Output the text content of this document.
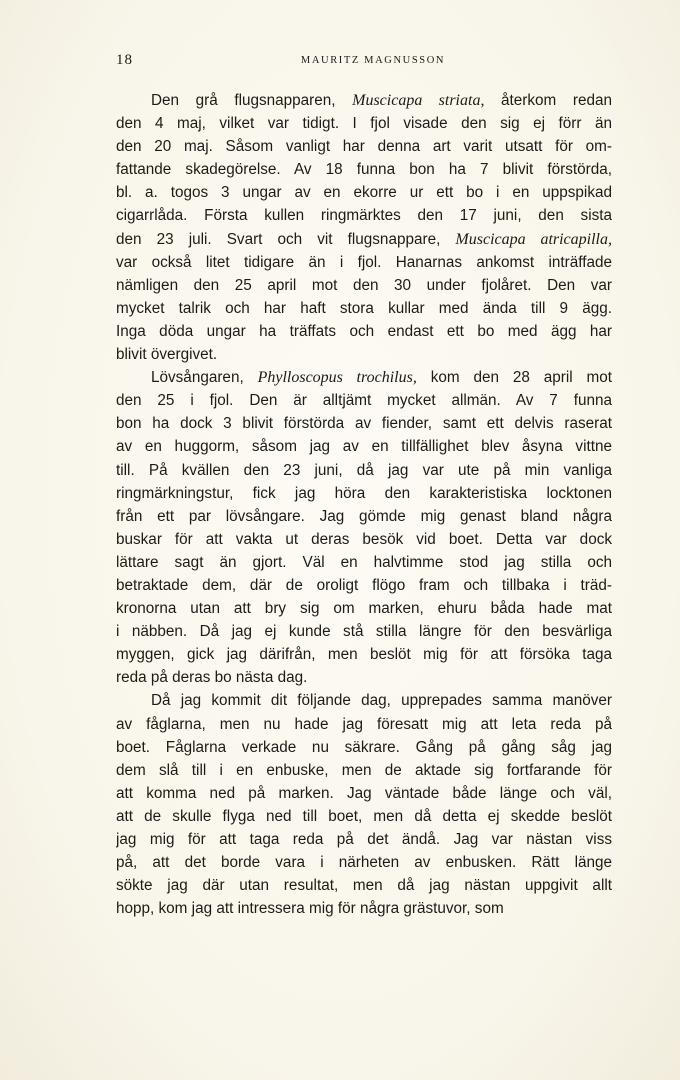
18	MAURITZ MAGNUSSON
Den grå flugsnapparen, Muscicapa striata, återkom redan
den 4 maj, vilket var tidigt. I fjol visade den sig ej förr än
den 20 maj. Såsom vanligt har denna art varit utsatt för om-
fattande skadegörelse. Av 18 funna bon ha 7 blivit förstörda,
bl. a. togos 3 ungar av en ekorre ur ett bo i en uppspikad
cigarrlåda. Första kullen ringmärktes den 17 juni, den sista
den 23 juli. Svart och vit flugsnappare, Muscicapa atricapilla,
var också litet tidigare än i fjol. Hanarnas ankomst inträffade
nämligen den 25 april mot den 30 under fjolåret. Den var
mycket talrik och har haft stora kullar med ända till 9 ägg.
Inga döda ungar ha träffats och endast ett bo med ägg har
blivit övergivet.
Lövsångaren, Phylloscopus trochilus, kom den 28 april mot
den 25 i fjol. Den är alltjämt mycket allmän. Av 7 funna
bon ha dock 3 blivit förstörda av fiender, samt ett delvis raserat
av en huggorm, såsom jag av en tillfällighet blev åsyna vittne
till. På kvällen den 23 juni, då jag var ute på min vanliga
ringmärkningstur, fick jag höra den karakteristiska locktonen
från ett par lövsångare. Jag gömde mig genast bland några
buskar för att vakta ut deras besök vid boet. Detta var dock
lättare sagt än gjort. Väl en halvtimme stod jag stilla och
betraktade dem, där de oroligt flögo fram och tillbaka i träd-
kronorna utan att bry sig om marken, ehuru båda hade mat
i näbben. Då jag ej kunde stå stilla längre för den besvärliga
myggen, gick jag därifrån, men beslöt mig för att försöka taga
reda på deras bo nästa dag.
Då jag kommit dit följande dag, upprepades samma manöver
av fåglarna, men nu hade jag föresatt mig att leta reda på
boet. Fåglarna verkade nu säkrare. Gång på gång såg jag
dem slå till i en enbuske, men de aktade sig fortfarande för
att komma ned på marken. Jag väntade både länge och väl,
att de skulle flyga ned till boet, men då detta ej skedde beslöt
jag mig för att taga reda på det ändå. Jag var nästan viss
på, att det borde vara i närheten av enbusken. Rätt länge
sökte jag där utan resultat, men då jag nästan uppgivit allt
hopp, kom jag att intressera mig för några grästuvor, som
